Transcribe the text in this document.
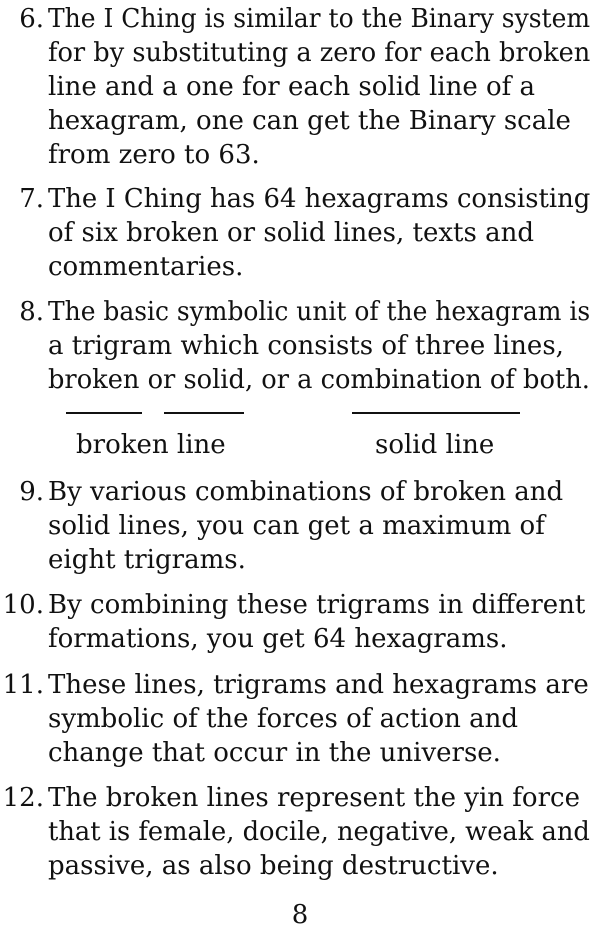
6. The I Ching is similar to the Binary system
for by substituting a zero for each broken
line and a one for each solid line of a
hexagram, one can get the Binary scale
from zero to 63.
7. The I Ching has 64 hexagrams consisting
of six broken or solid lines, texts and
commentaries.
8. The basic symbolic unit of the hexagram is
a trigram which consists of three lines,
broken or solid, or a combination of both.
broken line	solid line
9. By various combinations of broken and
solid lines, you can get a maximum of
eight trigrams.
10. By combining these trigrams in different
formations, you get 64 hexagrams.
11. These lines, trigrams and hexagrams are
symbolic of the forces of action and
change that occur in the universe.
12. The broken lines represent the yin force
that is female, docile, negative, weak and
passive, as also being destructive.
8
